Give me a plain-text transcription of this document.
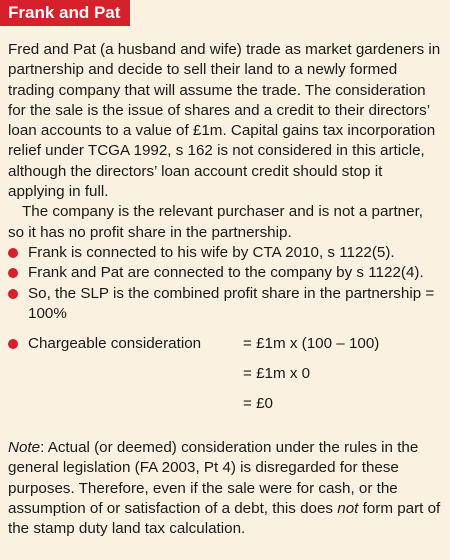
Frank and Pat

Fred and Pat (a husband and wife) trade as market gardeners in partnership and decide to sell their land to a newly formed trading company that will assume the trade. The consideration for the sale is the issue of shares and a credit to their directors’ loan accounts to a value of £1m. Capital gains tax incorporation relief under TCGA 1992, s 162 is not considered in this article, although the directors’ loan account credit should stop it applying in full.

The company is the relevant purchaser and is not a partner, so it has no profit share in the partnership.

Frank is connected to his wife by CTA 2010, s 1122(5).
Frank and Pat are connected to the company by s 1122(4).
So, the SLP is the combined profit share in the partnership = 100%
Chargeable consideration	= £1m x (100 – 100)
= £1m x 0
= £0

Note: Actual (or deemed) consideration under the rules in the general legislation (FA 2003, Pt 4) is disregarded for these purposes. Therefore, even if the sale were for cash, or the assumption of or satisfaction of a debt, this does not form part of the stamp duty land tax calculation.
